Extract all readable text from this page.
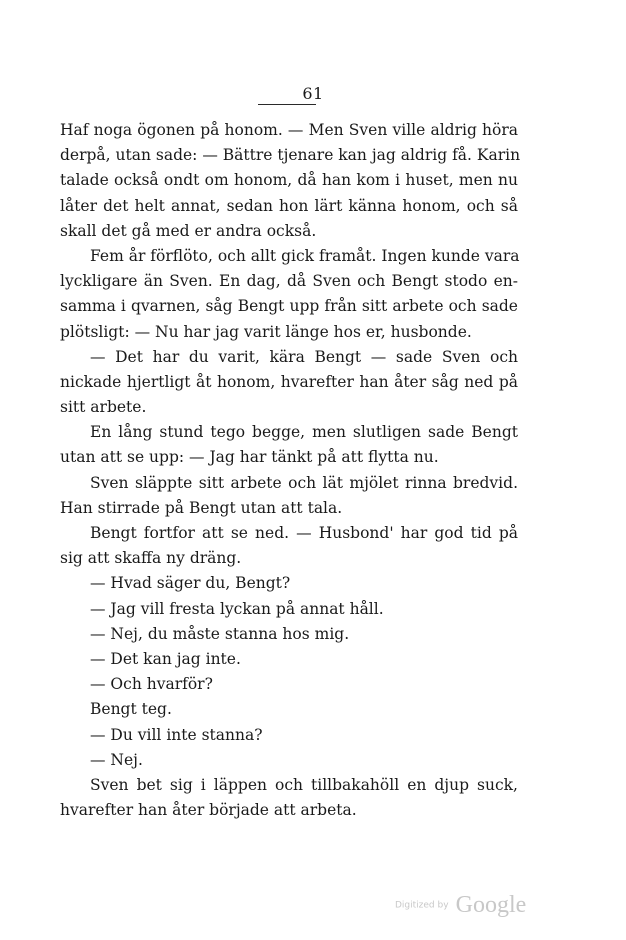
61
Haf noga ögonen på honom. — Men Sven ville aldrig höra
derpå, utan sade: — Bättre tjenare kan jag aldrig få. Karin
talade också ondt om honom, då han kom i huset, men nu
låter det helt annat, sedan hon lärt känna honom, och så
skall det gå med er andra också.
Fem år förflöto, och allt gick framåt. Ingen kunde vara
lyckligare än Sven. En dag, då Sven och Bengt stodo en-
samma i qvarnen, såg Bengt upp från sitt arbete och sade
plötsligt: — Nu har jag varit länge hos er, husbonde.
— Det har du varit, kära Bengt — sade Sven och
nickade hjertligt åt honom, hvarefter han åter såg ned på
sitt arbete.
En lång stund tego begge, men slutligen sade Bengt
utan att se upp: — Jag har tänkt på att flytta nu.
Sven släppte sitt arbete och lät mjölet rinna bredvid.
Han stirrade på Bengt utan att tala.
Bengt fortfor att se ned. — Husbond' har god tid på
sig att skaffa ny dräng.
— Hvad säger du, Bengt?
— Jag vill fresta lyckan på annat håll.
— Nej, du måste stanna hos mig.
— Det kan jag inte.
— Och hvarför?
Bengt teg.
— Du vill inte stanna?
— Nej.
Sven bet sig i läppen och tillbakahöll en djup suck,
hvarefter han åter började att arbeta.
Digitized by Google
